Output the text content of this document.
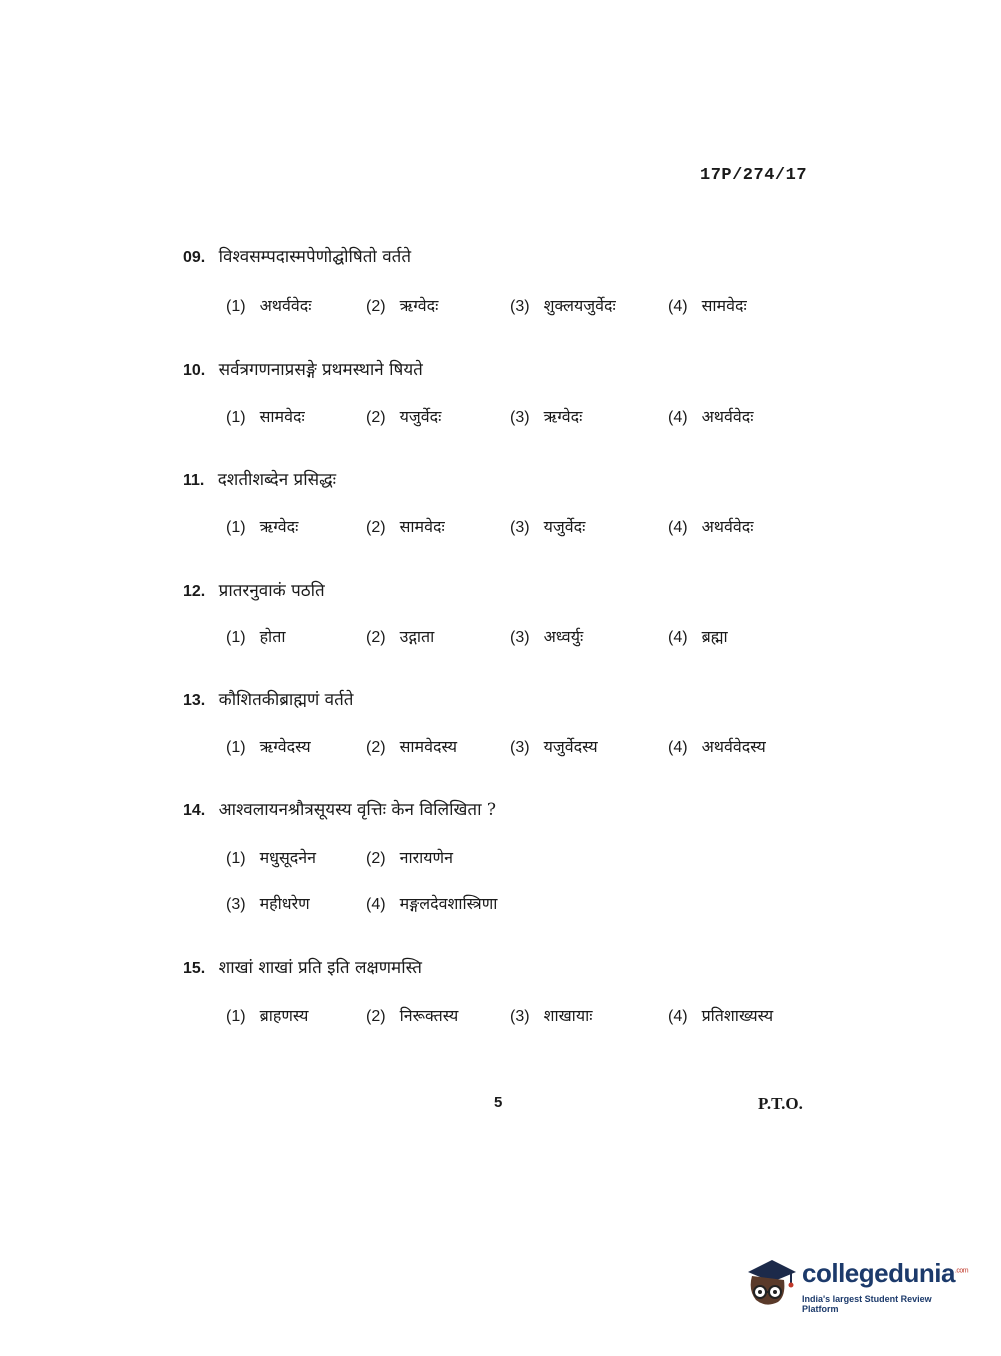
17P/274/17
09. विश्वसम्पदास्मपेणोद्घोषितो वर्तते
(1) अथर्ववेदः	(2) ऋग्वेदः	(3) शुक्लयजुर्वेदः	(4) सामवेदः
10. सर्वत्रगणनाप्रसङ्गे प्रथमस्थाने षियते
(1) सामवेदः	(2) यजुर्वेदः	(3) ऋग्वेदः	(4) अथर्ववेदः
11. दशतीशब्देन प्रसिद्धः
(1) ऋग्वेदः	(2) सामवेदः	(3) यजुर्वेदः	(4) अथर्ववेदः
12. प्रातरनुवाकं पठति
(1) होता	(2) उद्गाता	(3) अध्वर्युः	(4) ब्रह्मा
13. कौशितकीब्राह्मणं वर्तते
(1) ऋग्वेदस्य	(2) सामवेदस्य	(3) यजुर्वेदस्य	(4) अथर्ववेदस्य
14. आश्वलायनश्रौत्रसूयस्य वृत्तिः केन विलिखिता ?
(1) मधुसूदनेन	(2) नारायणेन
(3) महीधरेण	(4) मङ्गलदेवशास्त्रिणा
15. शाखां शाखां प्रति इति लक्षणमस्ति
(1) ब्राहणस्य	(2) निरूक्तस्य	(3) शाखायाः	(4) प्रतिशाख्यस्य
5	P.T.O.
collegedunia$^{.com}$
India's largest Student Review Platform
